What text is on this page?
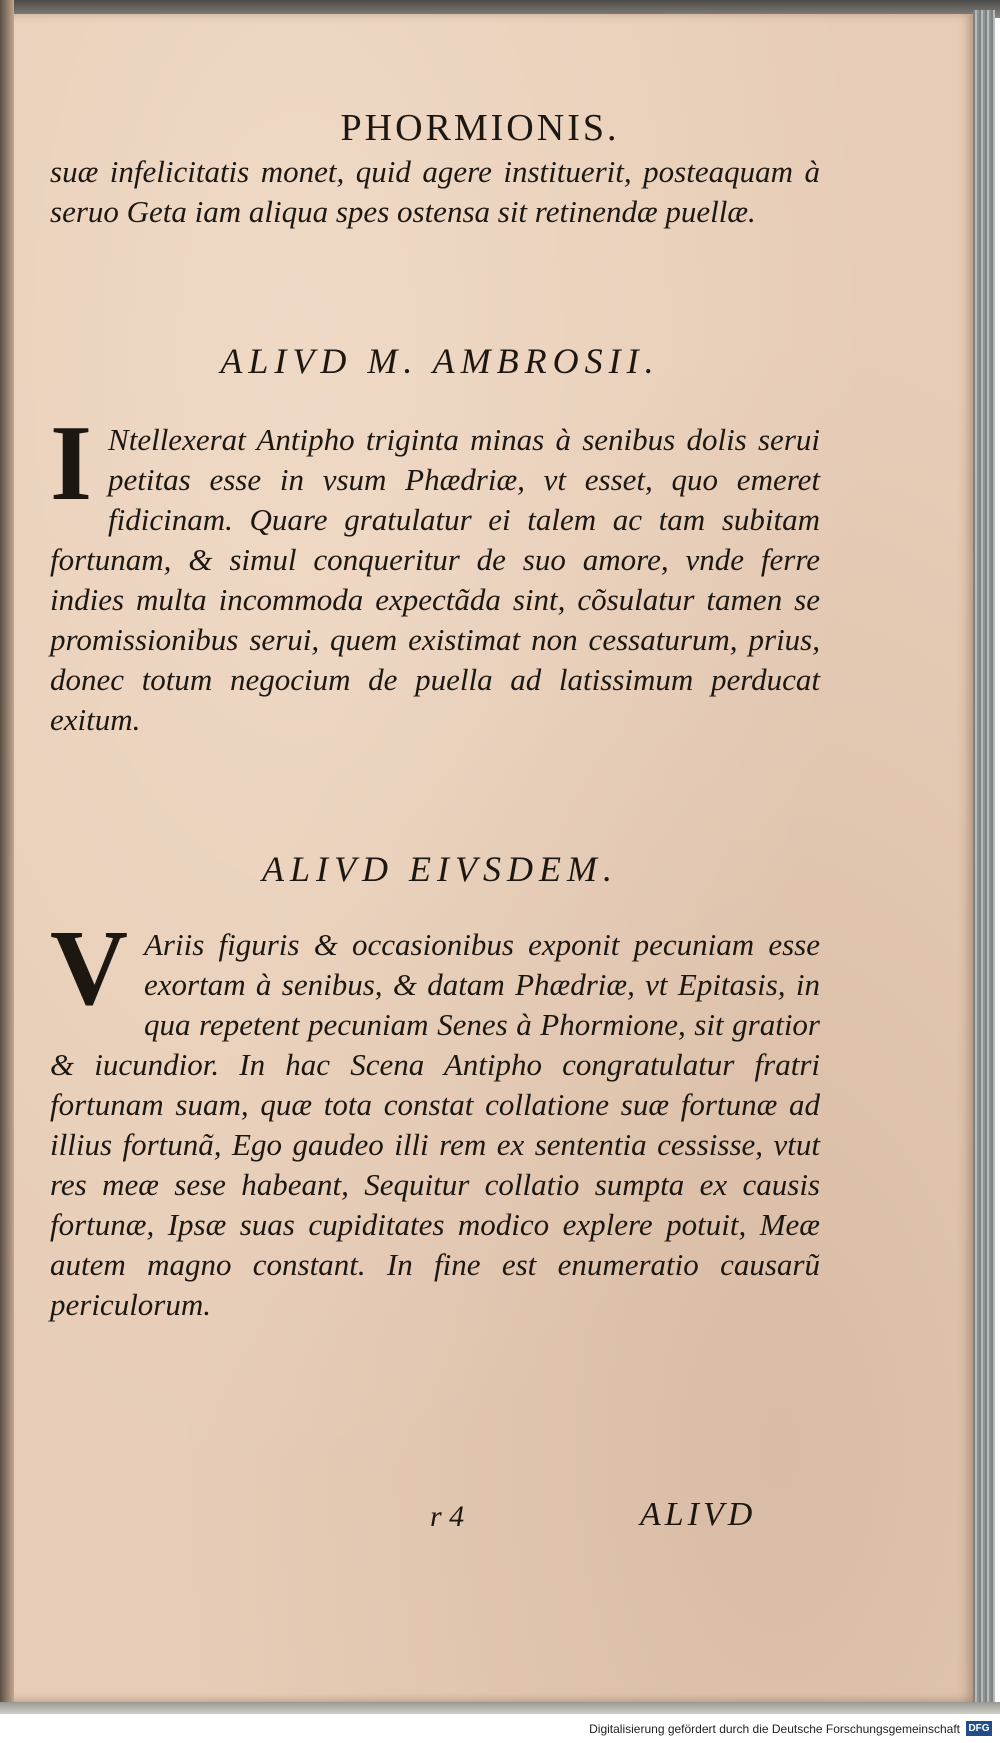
PHORMIONIS.

suæ infelicitatis monet, quid agere instituerit, posteaquam à seruo Geta iam aliqua spes ostensa sit retinendæ puellæ.

ALIVD M. AMBROSII.
I Ntellexerat Antipho triginta minas à senibus dolis serui petitas esse in vsum Phædriæ, vt esset, quo emeret fidicinam. Quare gratulatur ei talem ac tam subitam fortunam, & simul conqueritur de suo amore, vnde ferre indies multa incommoda expectãda sint, cõsulatur tamen se promissionibus serui, quem existimat non cessaturum, prius, donec totum negocium de puella ad latissimum perducat exitum.

ALIVD EIVSDEM.
V Ariis figuris & occasionibus exponit pecuniam esse exortam à senibus, & datam Phædriæ, vt Epitasis, in qua repetent pecuniam Senes à Phormione, sit gratior & iucundior. In hac Scena Antipho congratulatur fratri fortunam suam, quæ tota constat collatione suæ fortunæ ad illius fortunã, Ego gaudeo illi rem ex sententia cessisse, vtut res meæ sese habeant, Sequitur collatio sumpta ex causis fortunæ, Ipsæ suas cupiditates modico explere potuit, Meæ autem magno constant. In fine est enumeratio causarũ periculorum.

r 4	ALIVD
Digitalisierung gefördert durch die Deutsche Forschungsgemeinschaft DFG
